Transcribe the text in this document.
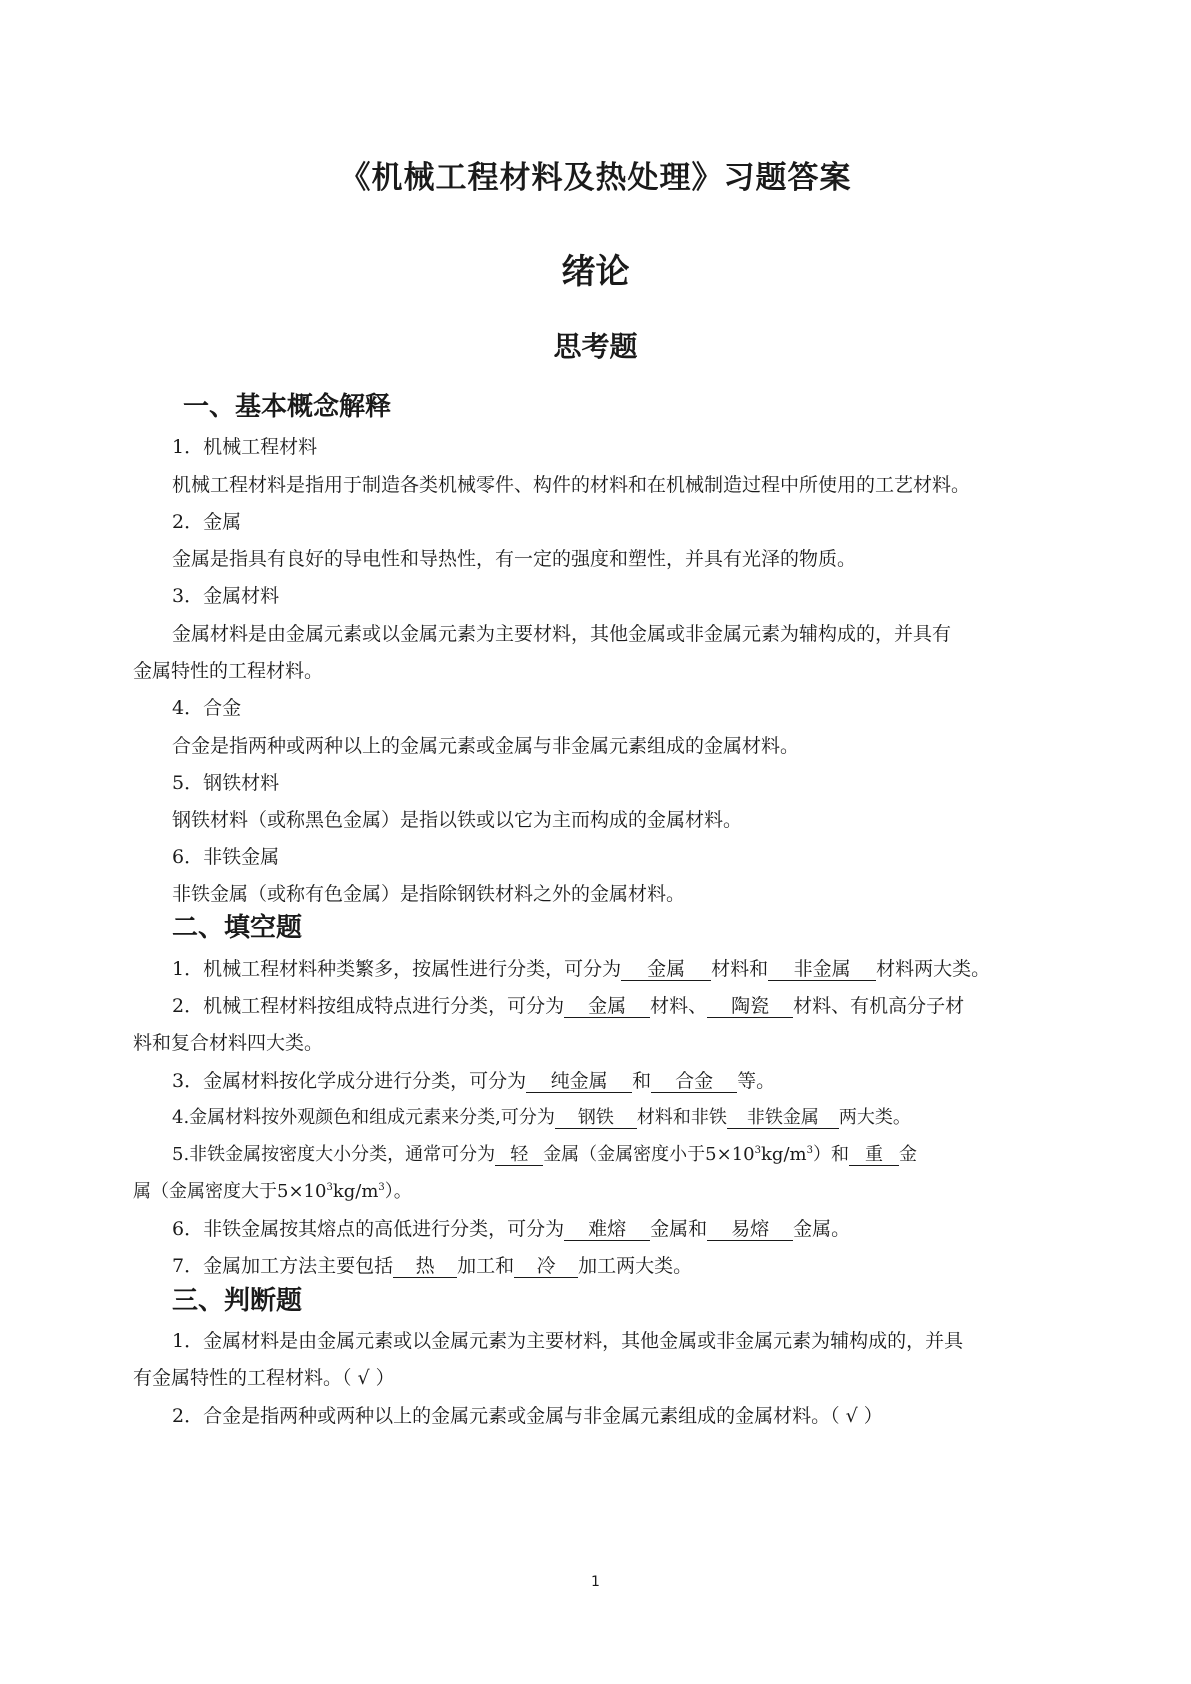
《机械工程材料及热处理》习题答案
绪论
思考题
一、基本概念解释
1．机械工程材料
机械工程材料是指用于制造各类机械零件、构件的材料和在机械制造过程中所使用的工艺材料。
2．金属
金属是指具有良好的导电性和导热性，有一定的强度和塑性，并具有光泽的物质。
3．金属材料
金属材料是由金属元素或以金属元素为主要材料，其他金属或非金属元素为辅构成的，并具有
金属特性的工程材料。
4．合金
合金是指两种或两种以上的金属元素或金属与非金属元素组成的金属材料。
5．钢铁材料
钢铁材料（或称黑色金属）是指以铁或以它为主而构成的金属材料。
6．非铁金属
非铁金属（或称有色金属）是指除钢铁材料之外的金属材料。
二、填空题
1．机械工程材料种类繁多，按属性进行分类，可分为 金属 材料和 非金属 材料两大类。
2．机械工程材料按组成特点进行分类，可分为 金属 材料、 陶瓷 材料、有机高分子材
料和复合材料四大类。
3．金属材料按化学成分进行分类，可分为 纯金属 和 合金 等。
4.金属材料按外观颜色和组成元素来分类,可分为 钢铁 材料和非铁 非铁金属 两大类。
5.非铁金属按密度大小分类，通常可分为 轻 金属（金属密度小于$5\times 10^3kg/m^3$）和 重 金
属（金属密度大于$5\times 10^3kg/m^3$）。
6．非铁金属按其熔点的高低进行分类，可分为 难熔 金属和 易熔 金属。
7．金属加工方法主要包括 热 加工和 冷 加工两大类。
三、判断题
1．金属材料是由金属元素或以金属元素为主要材料，其他金属或非金属元素为辅构成的，并具
有金属特性的工程材料。（ √ ）
2．合金是指两种或两种以上的金属元素或金属与非金属元素组成的金属材料。（ √ ）
1
